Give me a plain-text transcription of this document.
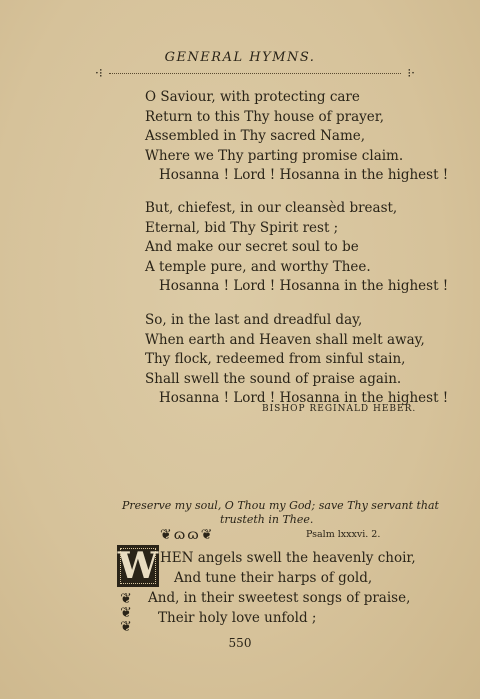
GENERAL HYMNS.
·⁝	⁝·
O Saviour, with protecting care
Return to this Thy house of prayer,
Assembled in Thy sacred Name,
Where we Thy parting promise claim.
Hosanna ! Lord ! Hosanna in the highest !
But, chiefest, in our cleansèd breast,
Eternal, bid Thy Spirit rest ;
And make our secret soul to be
A temple pure, and worthy Thee.
Hosanna ! Lord ! Hosanna in the highest !
So, in the last and dreadful day,
When earth and Heaven shall melt away,
Thy flock, redeemed from sinful stain,
Shall swell the sound of praise again.
Hosanna ! Lord ! Hosanna in the highest !
BISHOP REGINALD HEBER.
Preserve my soul, O Thou my God; save Thy servant that
trusteth in Thee.
Psalm lxxxvi. 2.
❦ɷɷ❦
W
❦
❦
❦
HEN angels swell the heavenly choir,
And tune their harps of gold,
And, in their sweetest songs of praise,
Their holy love unfold ;
550
